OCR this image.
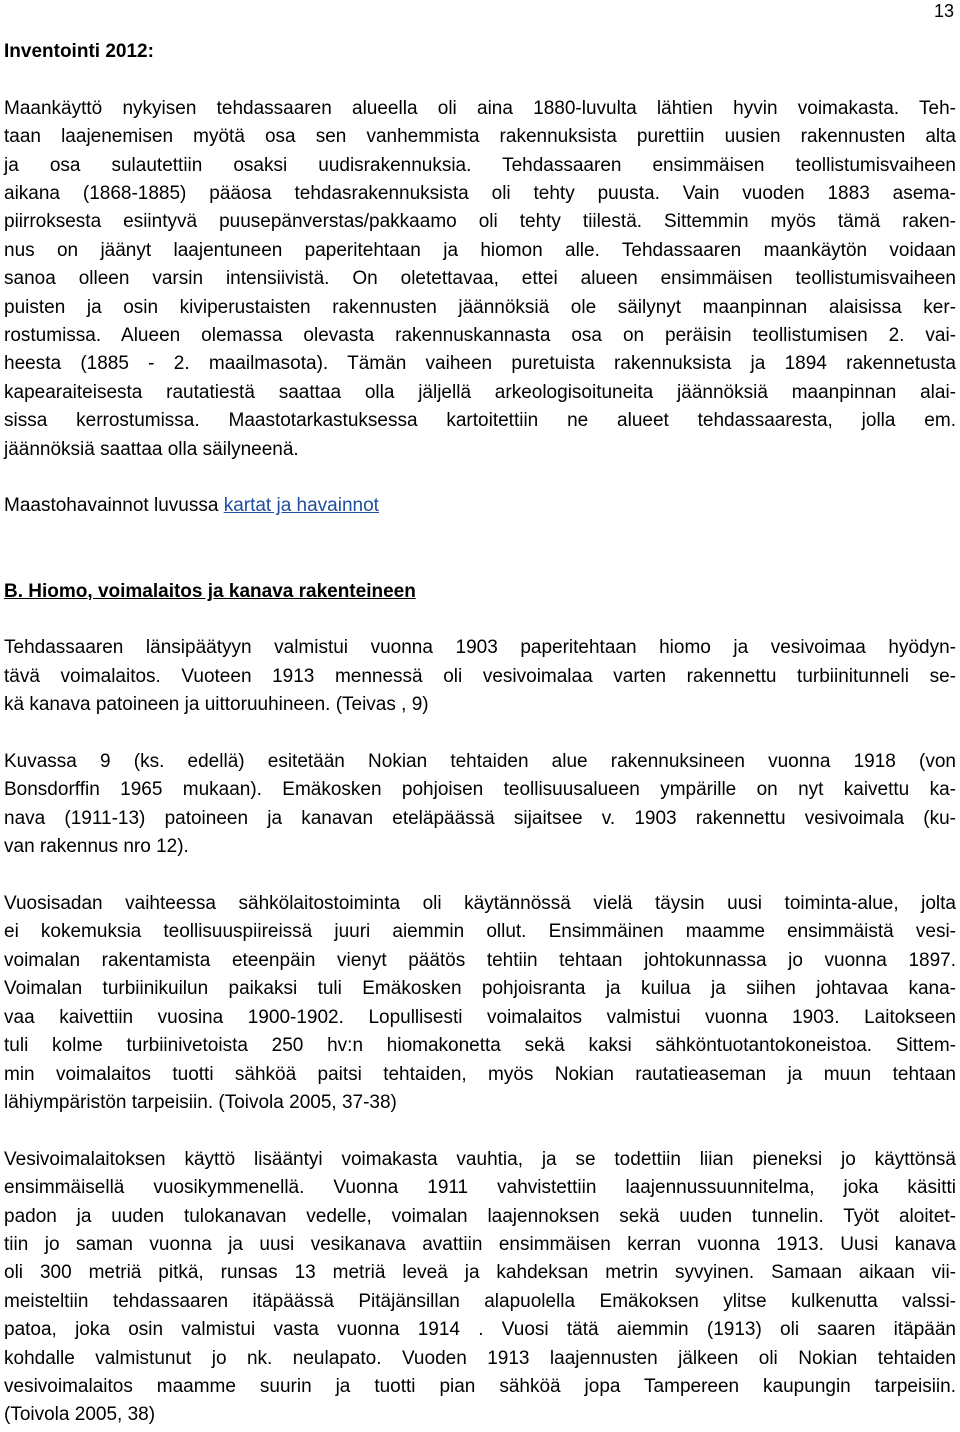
13
Inventointi 2012:
Maankäyttö nykyisen tehdassaaren alueella oli aina 1880-luvulta lähtien hyvin voimakasta. Teh-
taan laajenemisen myötä osa sen vanhemmista rakennuksista purettiin uusien rakennusten alta
ja osa sulautettiin osaksi uudisrakennuksia. Tehdassaaren ensimmäisen teollistumisvaiheen
aikana (1868-1885) pääosa tehdasrakennuksista oli tehty puusta. Vain vuoden 1883 asema-
piirroksesta esiintyvä puusepänverstas/pakkaamo oli tehty tiilestä. Sittemmin myös tämä raken-
nus on jäänyt laajentuneen paperitehtaan ja hiomon alle. Tehdassaaren maankäytön voidaan
sanoa olleen varsin intensiivistä. On oletettavaa, ettei alueen ensimmäisen teollistumisvaiheen
puisten ja osin kiviperustaisten rakennusten jäännöksiä ole säilynyt maanpinnan alaisissa ker-
rostumissa. Alueen olemassa olevasta rakennuskannasta osa on peräisin teollistumisen 2. vai-
heesta (1885 - 2. maailmasota). Tämän vaiheen puretuista rakennuksista ja 1894 rakennetusta
kapearaiteisesta rautatiestä saattaa olla jäljellä arkeologisoituneita jäännöksiä maanpinnan alai-
sissa kerrostumissa. Maastotarkastuksessa kartoitettiin ne alueet tehdassaaresta, jolla em.
jäännöksiä saattaa olla säilyneenä.
Maastohavainnot luvussa kartat ja havainnot
B. Hiomo, voimalaitos ja kanava rakenteineen
Tehdassaaren länsipäätyyn valmistui vuonna 1903 paperitehtaan hiomo ja vesivoimaa hyödyn-
tävä voimalaitos. Vuoteen 1913 mennessä oli vesivoimalaa varten rakennettu turbiinitunneli se-
kä kanava patoineen ja uittoruuhineen. (Teivas , 9)
Kuvassa 9 (ks. edellä) esitetään Nokian tehtaiden alue rakennuksineen vuonna 1918 (von
Bonsdorffin 1965 mukaan). Emäkosken pohjoisen teollisuusalueen ympärille on nyt kaivettu ka-
nava (1911-13) patoineen ja kanavan eteläpäässä sijaitsee v. 1903 rakennettu vesivoimala (ku-
van rakennus nro 12).
Vuosisadan vaihteessa sähkölaitostoiminta oli käytännössä vielä täysin uusi toiminta-alue, jolta
ei kokemuksia teollisuuspiireissä juuri aiemmin ollut. Ensimmäinen maamme ensimmäistä vesi-
voimalan rakentamista eteenpäin vienyt päätös tehtiin tehtaan johtokunnassa jo vuonna 1897.
Voimalan turbiinikuilun paikaksi tuli Emäkosken pohjoisranta ja kuilua ja siihen johtavaa kana-
vaa kaivettiin vuosina 1900-1902. Lopullisesti voimalaitos valmistui vuonna 1903. Laitokseen
tuli kolme turbiinivetoista 250 hv:n hiomakonetta sekä kaksi sähköntuotantokoneistoa. Sittem-
min voimalaitos tuotti sähköä paitsi tehtaiden, myös Nokian rautatieaseman ja muun tehtaan
lähiympäristön tarpeisiin. (Toivola 2005, 37-38)
Vesivoimalaitoksen käyttö lisääntyi voimakasta vauhtia, ja se todettiin liian pieneksi jo käyttönsä
ensimmäisellä vuosikymmenellä. Vuonna 1911 vahvistettiin laajennussuunnitelma, joka käsitti
padon ja uuden tulokanavan vedelle, voimalan laajennoksen sekä uuden tunnelin. Työt aloitet-
tiin jo saman vuonna ja uusi vesikanava avattiin ensimmäisen kerran vuonna 1913. Uusi kanava
oli 300 metriä pitkä, runsas 13 metriä leveä ja kahdeksan metrin syvyinen. Samaan aikaan vii-
meisteltiin tehdassaaren itäpäässä Pitäjänsillan alapuolella Emäkoksen ylitse kulkenutta valssi-
patoa, joka osin valmistui vasta vuonna 1914 . Vuosi tätä aiemmin (1913) oli saaren itäpään
kohdalle valmistunut jo nk. neulapato. Vuoden 1913 laajennusten jälkeen oli Nokian tehtaiden
vesivoimalaitos maamme suurin ja tuotti pian sähköä jopa Tampereen kaupungin tarpeisiin.
(Toivola 2005, 38)
